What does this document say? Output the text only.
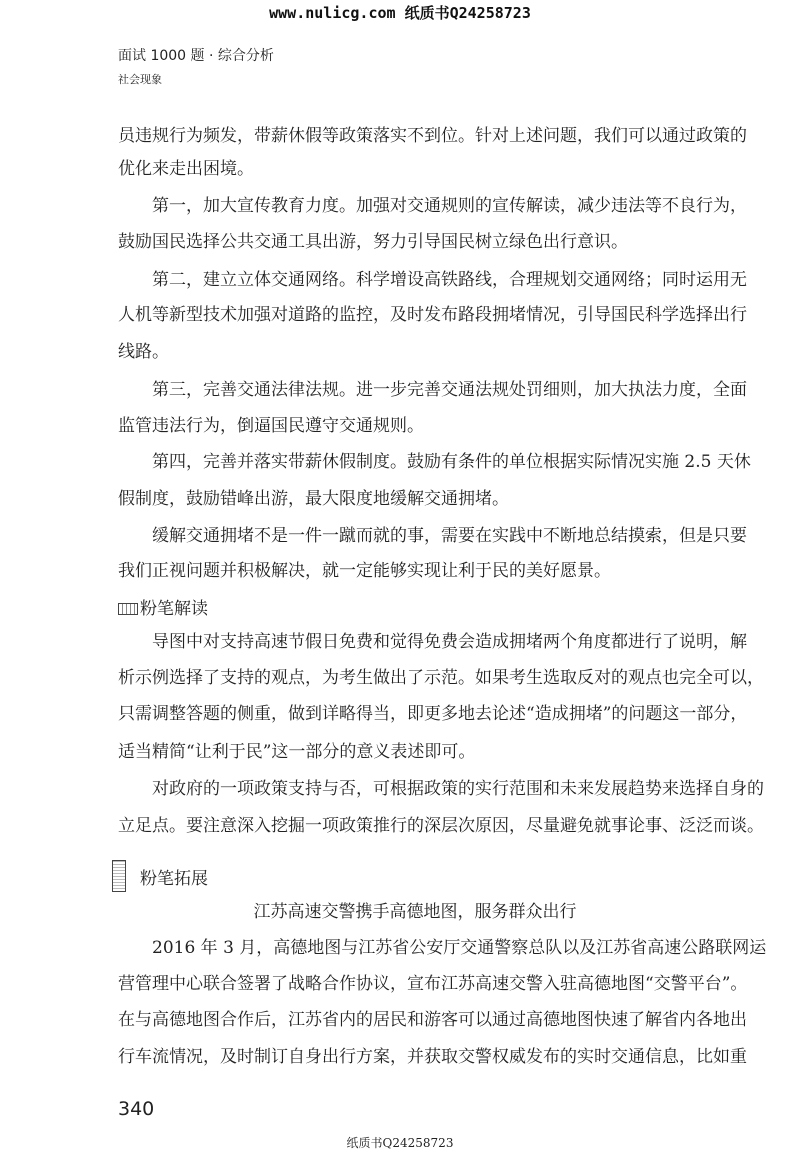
www.nulicg.com 纸质书Q24258723
面试 1000 题 · 综合分析
社会现象
员违规行为频发，带薪休假等政策落实不到位。针对上述问题，我们可以通过政策的
优化来走出困境。
第一，加大宣传教育力度。加强对交通规则的宣传解读，减少违法等不良行为，
鼓励国民选择公共交通工具出游，努力引导国民树立绿色出行意识。
第二，建立立体交通网络。科学增设高铁路线，合理规划交通网络；同时运用无
人机等新型技术加强对道路的监控，及时发布路段拥堵情况，引导国民科学选择出行
线路。
第三，完善交通法律法规。进一步完善交通法规处罚细则，加大执法力度，全面
监管违法行为，倒逼国民遵守交通规则。
第四，完善并落实带薪休假制度。鼓励有条件的单位根据实际情况实施 2.5 天休
假制度，鼓励错峰出游，最大限度地缓解交通拥堵。
缓解交通拥堵不是一件一蹴而就的事，需要在实践中不断地总结摸索，但是只要
我们正视问题并积极解决，就一定能够实现让利于民的美好愿景。
粉笔解读
导图中对支持高速节假日免费和觉得免费会造成拥堵两个角度都进行了说明，解
析示例选择了支持的观点，为考生做出了示范。如果考生选取反对的观点也完全可以，
只需调整答题的侧重，做到详略得当，即更多地去论述“造成拥堵”的问题这一部分，
适当精简“让利于民”这一部分的意义表述即可。
对政府的一项政策支持与否，可根据政策的实行范围和未来发展趋势来选择自身的
立足点。要注意深入挖掘一项政策推行的深层次原因，尽量避免就事论事、泛泛而谈。
粉笔拓展
江苏高速交警携手高德地图，服务群众出行
2016 年 3 月，高德地图与江苏省公安厅交通警察总队以及江苏省高速公路联网运
营管理中心联合签署了战略合作协议，宣布江苏高速交警入驻高德地图“交警平台”。
在与高德地图合作后，江苏省内的居民和游客可以通过高德地图快速了解省内各地出
行车流情况，及时制订自身出行方案，并获取交警权威发布的实时交通信息，比如重
340
纸质书Q24258723
